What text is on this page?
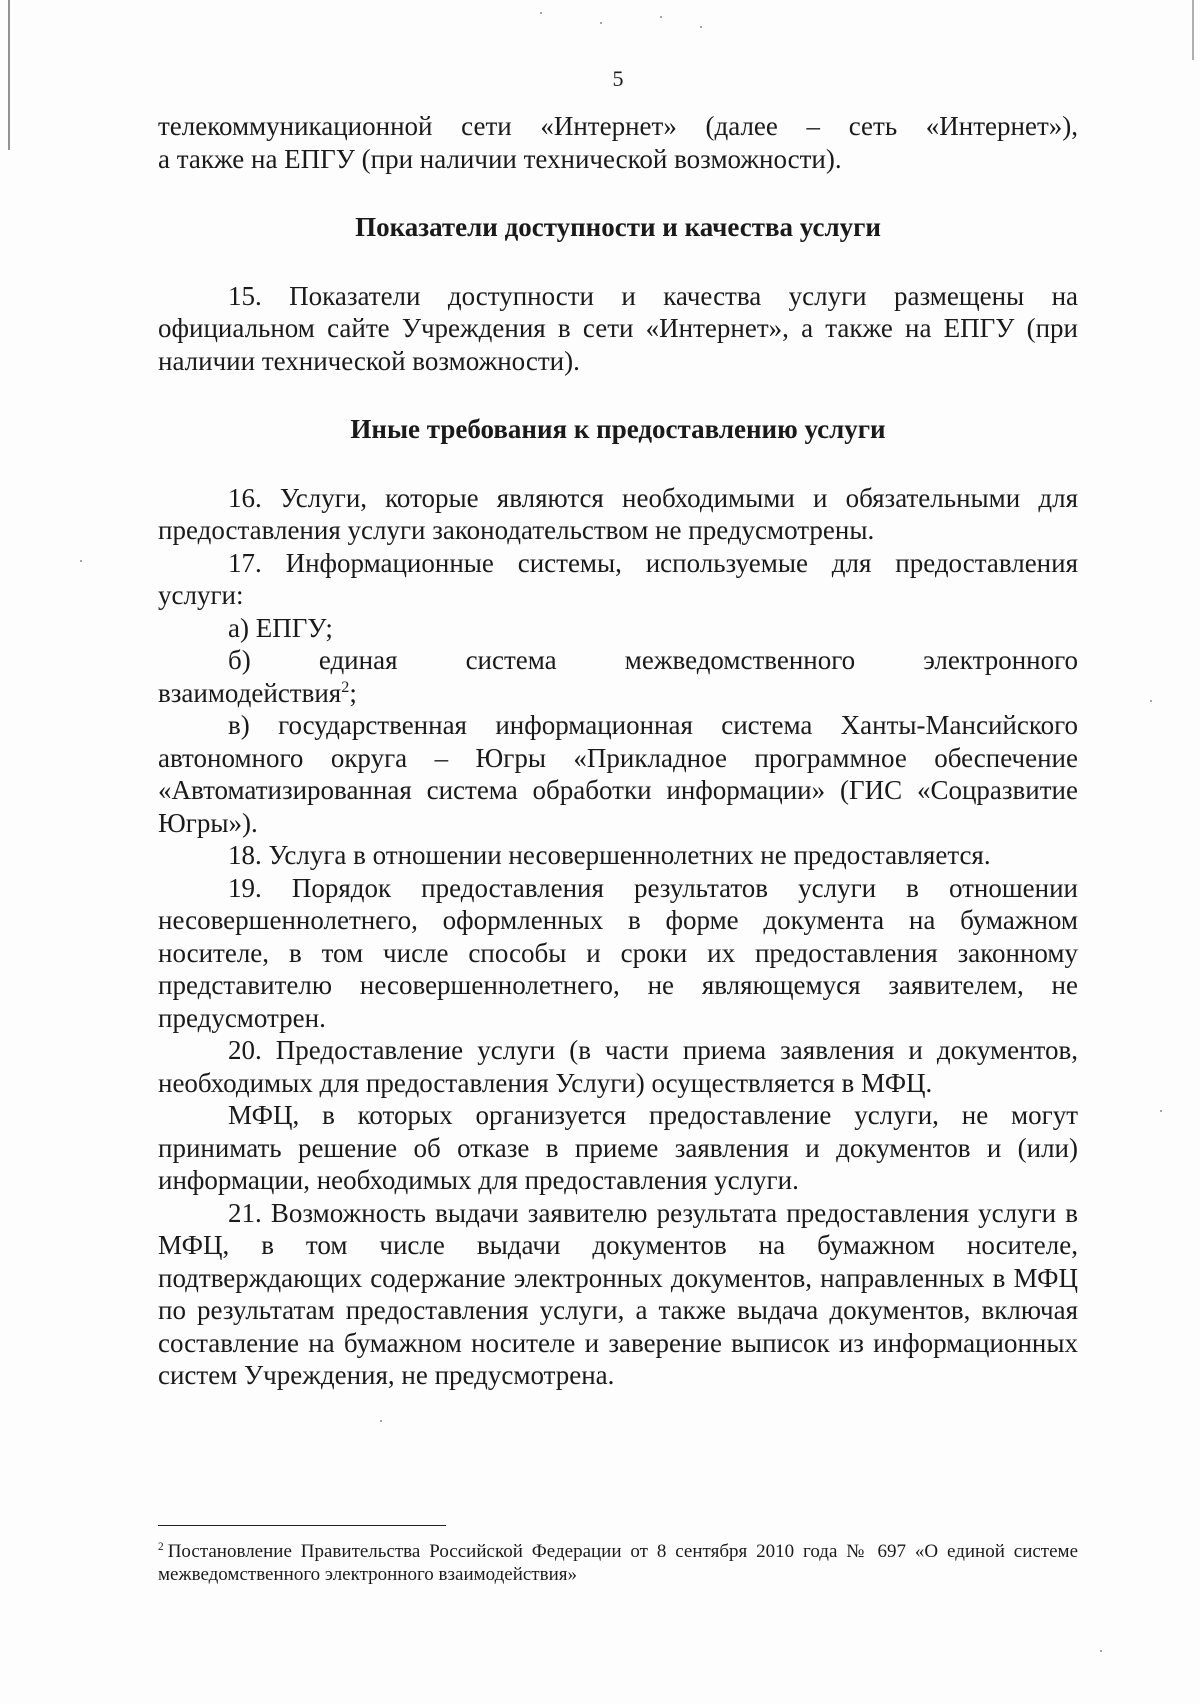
5

телекоммуникационной сети «Интернет» (далее – сеть «Интернет»),

а также на ЕПГУ (при наличии технической возможности).

Показатели доступности и качества услуги

15. Показатели доступности и качества услуги размещены на официальном сайте Учреждения в сети «Интернет», а также на ЕПГУ (при наличии технической возможности).

Иные требования к предоставлению услуги

16. Услуги, которые являются необходимыми и обязательными для предоставления услуги законодательством не предусмотрены.

17. Информационные системы, используемые для предоставления услуги:

а) ЕПГУ;

б) единая система межведомственного электронного

взаимодействия$^2$;

в) государственная информационная система Ханты-Мансийского автономного округа – Югры «Прикладное программное обеспечение «Автоматизированная система обработки информации» (ГИС «Соцразвитие Югры»).

18. Услуга в отношении несовершеннолетних не предоставляется.

19. Порядок предоставления результатов услуги в отношении несовершеннолетнего, оформленных в форме документа на бумажном носителе, в том числе способы и сроки их предоставления законному представителю несовершеннолетнего, не являющемуся заявителем, не предусмотрен.

20. Предоставление услуги (в части приема заявления и документов, необходимых для предоставления Услуги) осуществляется в МФЦ.

МФЦ, в которых организуется предоставление услуги, не могут принимать решение об отказе в приеме заявления и документов и (или) информации, необходимых для предоставления услуги.

21. Возможность выдачи заявителю результата предоставления услуги в МФЦ, в том числе выдачи документов на бумажном носителе, подтверждающих содержание электронных документов, направленных в МФЦ по результатам предоставления услуги, а также выдача документов, включая составление на бумажном носителе и заверение выписок из информационных систем Учреждения, не предусмотрена.

$^2$ Постановление Правительства Российской Федерации от 8 сентября 2010 года № 697 «О единой системе межведомственного электронного взаимодействия»
